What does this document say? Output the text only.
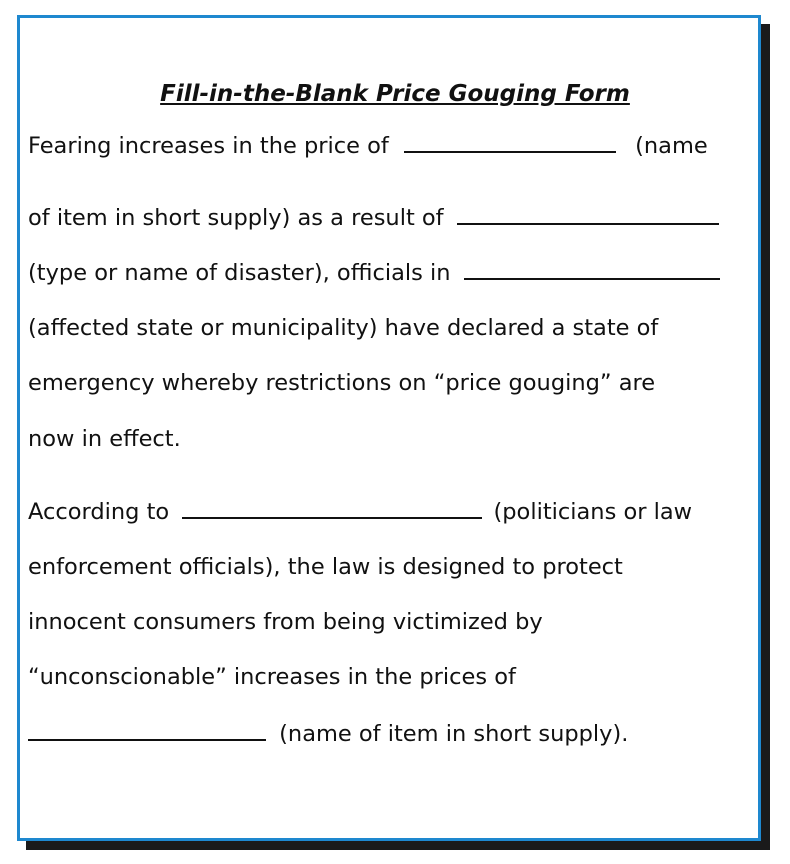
Fill-in-the-Blank Price Gouging Form
Fearing increases in the price of	(name
of item in short supply) as a result of
(type or name of disaster), officials in
(affected state or municipality) have declared a state of
emergency whereby restrictions on “price gouging” are
now in effect.
According to	(politicians or law
enforcement officials), the law is designed to protect
innocent consumers from being victimized by
“unconscionable” increases in the prices of
(name of item in short supply).
